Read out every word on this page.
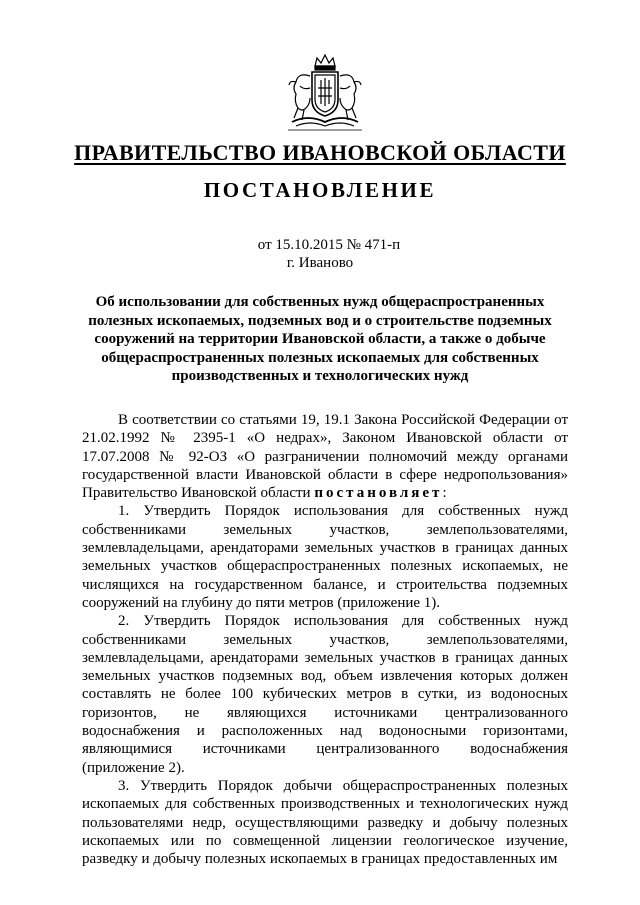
ПРАВИТЕЛЬСТВО ИВАНОВСКОЙ ОБЛАСТИ
ПОСТАНОВЛЕНИЕ
от 15.10.2015 № 471-п
г. Иваново
Об использовании для собственных нужд общераспространенных полезных ископаемых, подземных вод и о строительстве подземных сооружений на территории Ивановской области, а также о добыче общераспространенных полезных ископаемых для собственных производственных и технологических нужд

В соответствии со статьями 19, 19.1 Закона Российской Федерации от 21.02.1992 № 2395-1 «О недрах», Законом Ивановской области от 17.07.2008 № 92-ОЗ «О разграничении полномочий между органами государственной власти Ивановской области в сфере недропользования» Правительство Ивановской области постановляет:

1. Утвердить Порядок использования для собственных нужд собственниками земельных участков, землепользователями, землевладельцами, арендаторами земельных участков в границах данных земельных участков общераспространенных полезных ископаемых, не числящихся на государственном балансе, и строительства подземных сооружений на глубину до пяти метров (приложение 1).

2. Утвердить Порядок использования для собственных нужд собственниками земельных участков, землепользователями, землевладельцами, арендаторами земельных участков в границах данных земельных участков подземных вод, объем извлечения которых должен составлять не более 100 кубических метров в сутки, из водоносных горизонтов, не являющихся источниками централизованного водоснабжения и расположенных над водоносными горизонтами, являющимися источниками централизованного водоснабжения (приложение 2).

3. Утвердить Порядок добычи общераспространенных полезных ископаемых для собственных производственных и технологических нужд пользователями недр, осуществляющими разведку и добычу полезных ископаемых или по совмещенной лицензии геологическое изучение, разведку и добычу полезных ископаемых в границах предоставленных им
